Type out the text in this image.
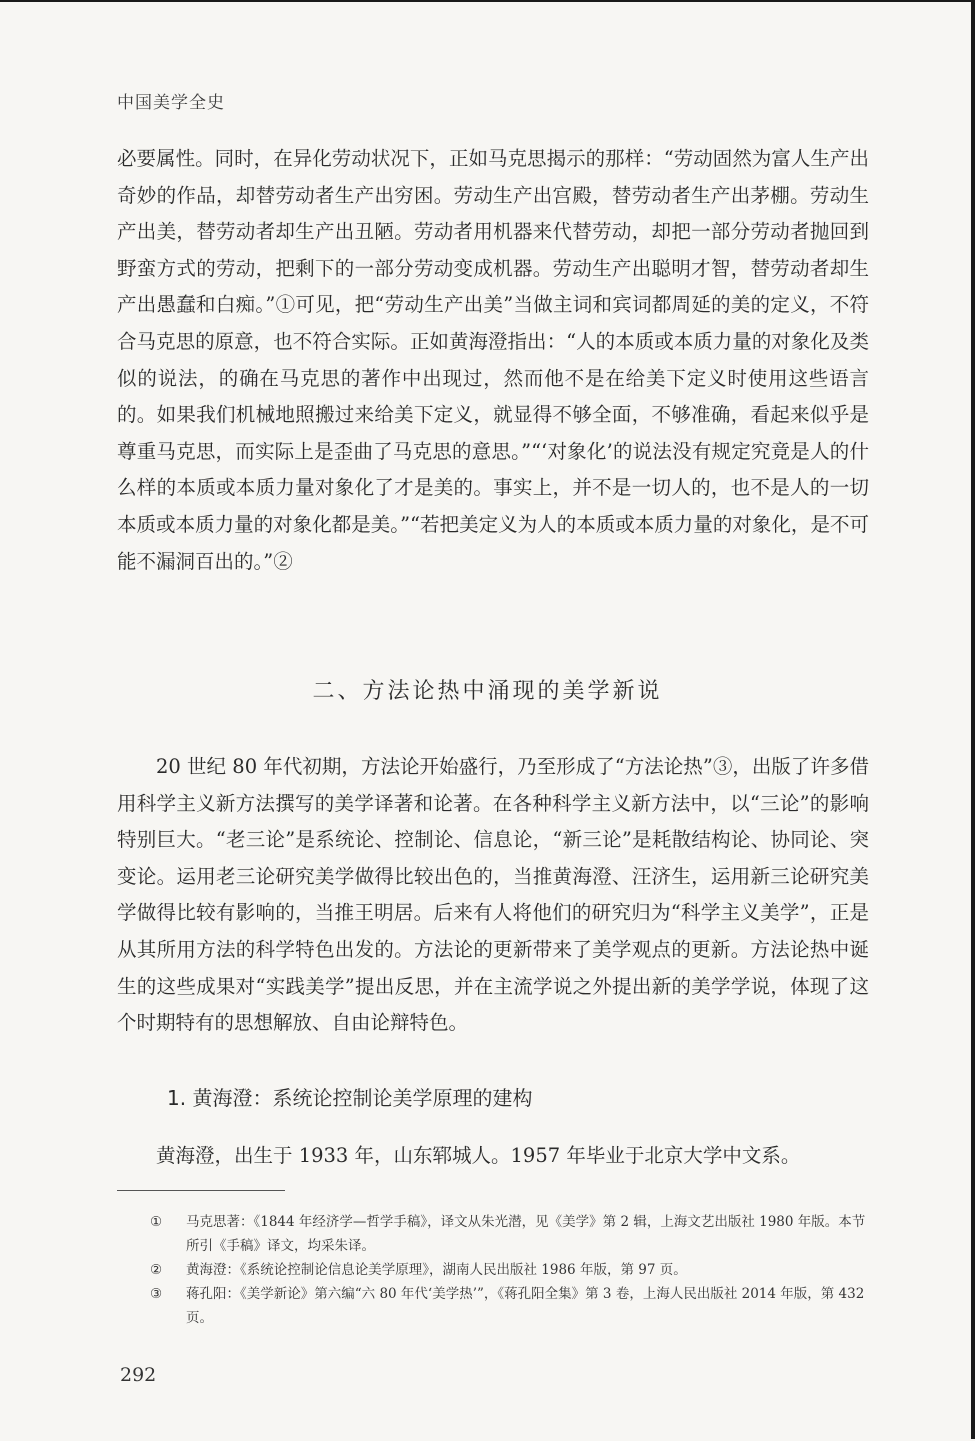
中国美学全史

必要属性。同时，在异化劳动状况下，正如马克思揭示的那样：“劳动固然为富人生产出奇妙的作品，却替劳动者生产出穷困。劳动生产出宫殿，替劳动者生产出茅棚。劳动生产出美，替劳动者却生产出丑陋。劳动者用机器来代替劳动，却把一部分劳动者抛回到野蛮方式的劳动，把剩下的一部分劳动变成机器。劳动生产出聪明才智，替劳动者却生产出愚蠢和白痴。”①可见，把“劳动生产出美”当做主词和宾词都周延的美的定义，不符合马克思的原意，也不符合实际。正如黄海澄指出：“人的本质或本质力量的对象化及类似的说法，的确在马克思的著作中出现过，然而他不是在给美下定义时使用这些语言的。如果我们机械地照搬过来给美下定义，就显得不够全面，不够准确，看起来似乎是尊重马克思，而实际上是歪曲了马克思的意思。”“‘对象化’的说法没有规定究竟是人的什么样的本质或本质力量对象化了才是美的。事实上，并不是一切人的，也不是人的一切本质或本质力量的对象化都是美。”“若把美定义为人的本质或本质力量的对象化，是不可能不漏洞百出的。”②

二、方法论热中涌现的美学新说

20 世纪 80 年代初期，方法论开始盛行，乃至形成了“方法论热”③，出版了许多借用科学主义新方法撰写的美学译著和论著。在各种科学主义新方法中，以“三论”的影响特别巨大。“老三论”是系统论、控制论、信息论，“新三论”是耗散结构论、协同论、突变论。运用老三论研究美学做得比较出色的，当推黄海澄、汪济生，运用新三论研究美学做得比较有影响的，当推王明居。后来有人将他们的研究归为“科学主义美学”，正是从其所用方法的科学特色出发的。方法论的更新带来了美学观点的更新。方法论热中诞生的这些成果对“实践美学”提出反思，并在主流学说之外提出新的美学学说，体现了这个时期特有的思想解放、自由论辩特色。

1. 黄海澄：系统论控制论美学原理的建构

黄海澄，出生于 1933 年，山东郓城人。1957 年毕业于北京大学中文系。

① 马克思著：《1844 年经济学—哲学手稿》，译文从朱光潜，见《美学》第 2 辑，上海文艺出版社 1980 年版。本节所引《手稿》译文，均采朱译。

② 黄海澄：《系统论控制论信息论美学原理》，湖南人民出版社 1986 年版，第 97 页。

③ 蒋孔阳：《美学新论》第六编“六 80 年代‘美学热’”，《蒋孔阳全集》第 3 卷，上海人民出版社 2014 年版，第 432 页。

292
